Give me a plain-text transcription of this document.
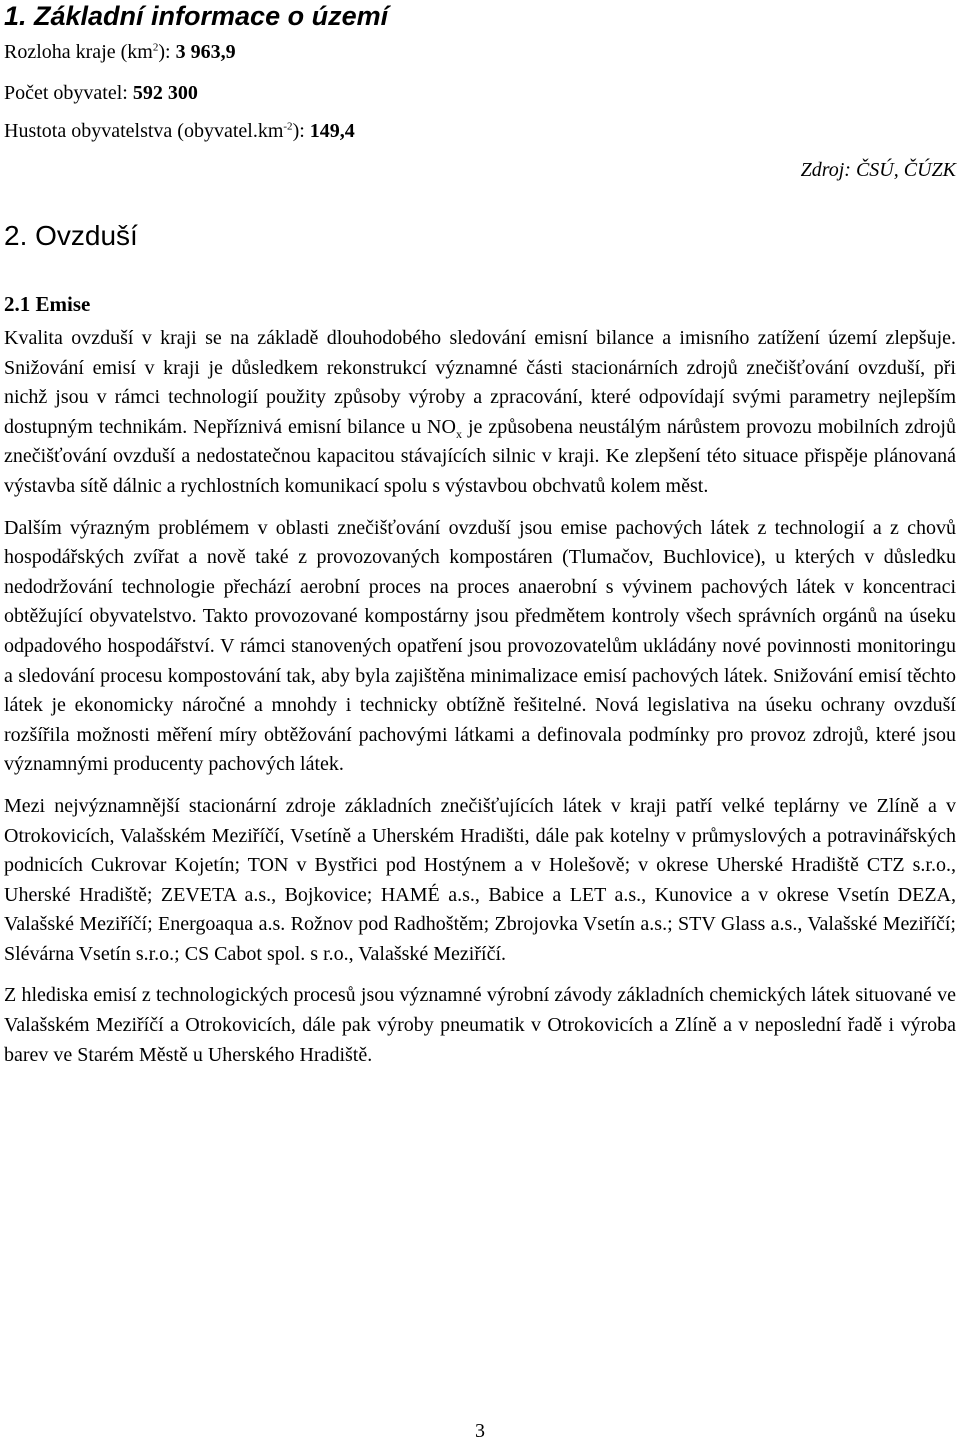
1. Základní informace o území

Rozloha kraje $(km^2)$: 3 963,9

Počet obyvatel: 592 300

Hustota obyvatelstva $(obyvatel.km^{-2})$: 149,4

Zdroj: ČSÚ, ČÚZK

2. Ovzduší
2.1 Emise

Kvalita ovzduší v kraji se na základě dlouhodobého sledování emisní bilance a imisního zatížení území zlepšuje. Snižování emisí v kraji je důsledkem rekonstrukcí významné části stacionárních zdrojů znečišťování ovzduší, při nichž jsou v rámci technologií použity způsoby výroby a zpracování, které odpovídají svými parametry nejlepším dostupným technikám. Nepříznivá emisní bilance u $NO_x$ je způsobena neustálým nárůstem provozu mobilních zdrojů znečišťování ovzduší a nedostatečnou kapacitou stávajících silnic v kraji. Ke zlepšení této situace přispěje plánovaná výstavba sítě dálnic a rychlostních komunikací spolu s výstavbou obchvatů kolem měst.

Dalším výrazným problémem v oblasti znečišťování ovzduší jsou emise pachových látek z technologií a z chovů hospodářských zvířat a nově také z provozovaných kompostáren (Tlumačov, Buchlovice), u kterých v důsledku nedodržování technologie přechází aerobní proces na proces anaerobní s vývinem pachových látek v koncentraci obtěžující obyvatelstvo. Takto provozované kompostárny jsou předmětem kontroly všech správních orgánů na úseku odpadového hospodářství. V rámci stanovených opatření jsou provozovatelům ukládány nové povinnosti monitoringu a sledování procesu kompostování tak, aby byla zajištěna minimalizace emisí pachových látek. Snižování emisí těchto látek je ekonomicky náročné a mnohdy i technicky obtížně řešitelné. Nová legislativa na úseku ochrany ovzduší rozšířila možnosti měření míry obtěžování pachovými látkami a definovala podmínky pro provoz zdrojů, které jsou významnými producenty pachových látek.

Mezi nejvýznamnější stacionární zdroje základních znečišťujících látek v kraji patří velké teplárny ve Zlíně a v Otrokovicích, Valašském Meziříčí, Vsetíně a Uherském Hradišti, dále pak kotelny v průmyslových a potravinářských podnicích Cukrovar Kojetín; TON v Bystřici pod Hostýnem a v Holešově; v okrese Uherské Hradiště CTZ s.r.o., Uherské Hradiště; ZEVETA a.s., Bojkovice; HAMÉ a.s., Babice a LET a.s., Kunovice a v okrese Vsetín DEZA, Valašské Meziříčí; Energoaqua a.s. Rožnov pod Radhoštěm; Zbrojovka Vsetín a.s.; STV Glass a.s., Valašské Meziříčí; Slévárna Vsetín s.r.o.; CS Cabot spol. s r.o., Valašské Meziříčí.

Z hlediska emisí z technologických procesů jsou významné výrobní závody základních chemických látek situované ve Valašském Meziříčí a Otrokovicích, dále pak výroby pneumatik v Otrokovicích a Zlíně a v neposlední řadě i výroba barev ve Starém Městě u Uherského Hradiště.

3
